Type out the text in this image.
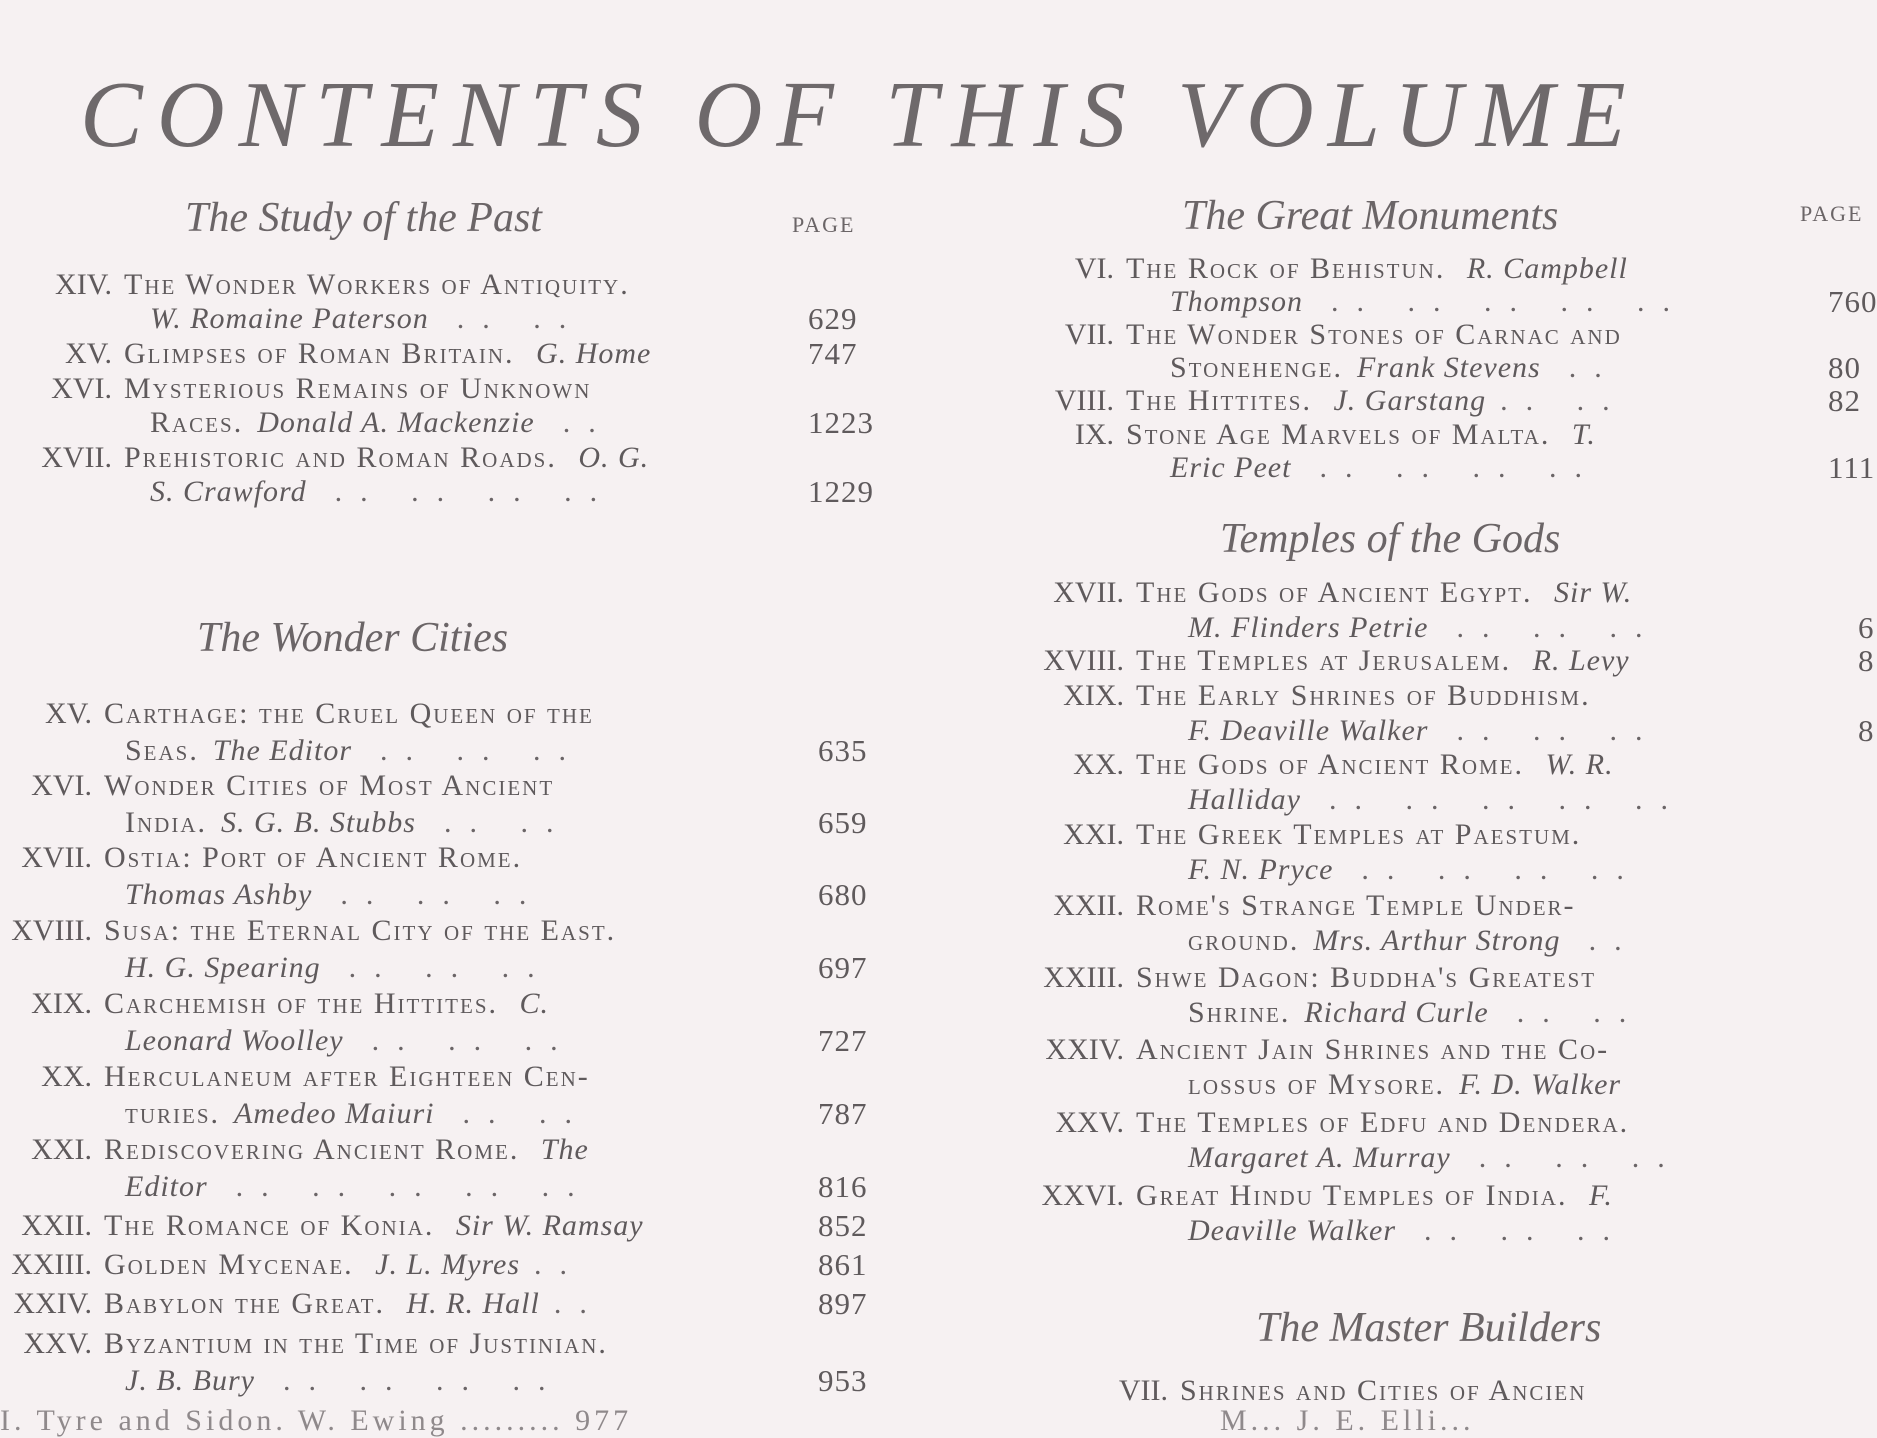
CONTENTS OF THIS VOLUME
The Study of the Past	PAGE
XIV. The Wonder Workers of Antiquity.
W. Romaine Paterson .. ..	629
XV. Glimpses of Roman Britain. G. Home	747
XVI. Mysterious Remains of Unknown
Races. Donald A. Mackenzie ..	1223
XVII. Prehistoric and Roman Roads. O. G.
S. Crawford .. .. .. ..	1229
XV. Carthage: the Cruel Queen of the
Seas. The Editor .. .. ..	635
XVI. Wonder Cities of Most Ancient
India. S. G. B. Stubbs .. ..	659
XVII. Ostia: Port of Ancient Rome.
Thomas Ashby .. .. ..	680
XVIII. Susa: the Eternal City of the East.
H. G. Spearing .. .. ..	697
XIX. Carchemish of the Hittites. C.
Leonard Woolley .. .. ..	727
XX. Herculaneum after Eighteen Cen-
turies. Amedeo Maiuri .. ..	787
XXI. Rediscovering Ancient Rome. The
Editor .. .. .. .. ..	816
XXII. The Romance of Konia. Sir W. Ramsay	852
XXIII. Golden Mycenae. J. L. Myres ..	861
XXIV. Babylon the Great. H. R. Hall ..	897
XXV. Byzantium in the Time of Justinian.
J. B. Bury .. .. .. ..	953
The Wonder Cities
I. Tyre and Sidon. W. Ewing ......... 977
The Great Monuments	PAGE
Temples of the Gods
The Master Builders
VI. The Rock of Behistun. R. Campbell
Thompson .. .. .. .. ..	760
VII. The Wonder Stones of Carnac and
Stonehenge. Frank Stevens ..	80
VIII. The Hittites. J. Garstang .. ..	82
IX. Stone Age Marvels of Malta. T.
Eric Peet .. .. .. ..	111
XVII. The Gods of Ancient Egypt. Sir W.
M. Flinders Petrie .. .. ..	6
XVIII. The Temples at Jerusalem. R. Levy	8
XIX. The Early Shrines of Buddhism.
F. Deaville Walker .. .. ..	8
XX. The Gods of Ancient Rome. W. R.
Halliday .. .. .. .. ..
XXI. The Greek Temples at Paestum.
F. N. Pryce .. .. .. ..
XXII. Rome's Strange Temple Under-
ground. Mrs. Arthur Strong ..
XXIII. Shwe Dagon: Buddha's Greatest
Shrine. Richard Curle .. ..
XXIV. Ancient Jain Shrines and the Co-
lossus of Mysore. F. D. Walker
XXV. The Temples of Edfu and Dendera.
Margaret A. Murray .. .. ..
XXVI. Great Hindu Temples of India. F.
Deaville Walker .. .. ..
VII. Shrines and Cities of Ancien
M... J. E. Elli...
